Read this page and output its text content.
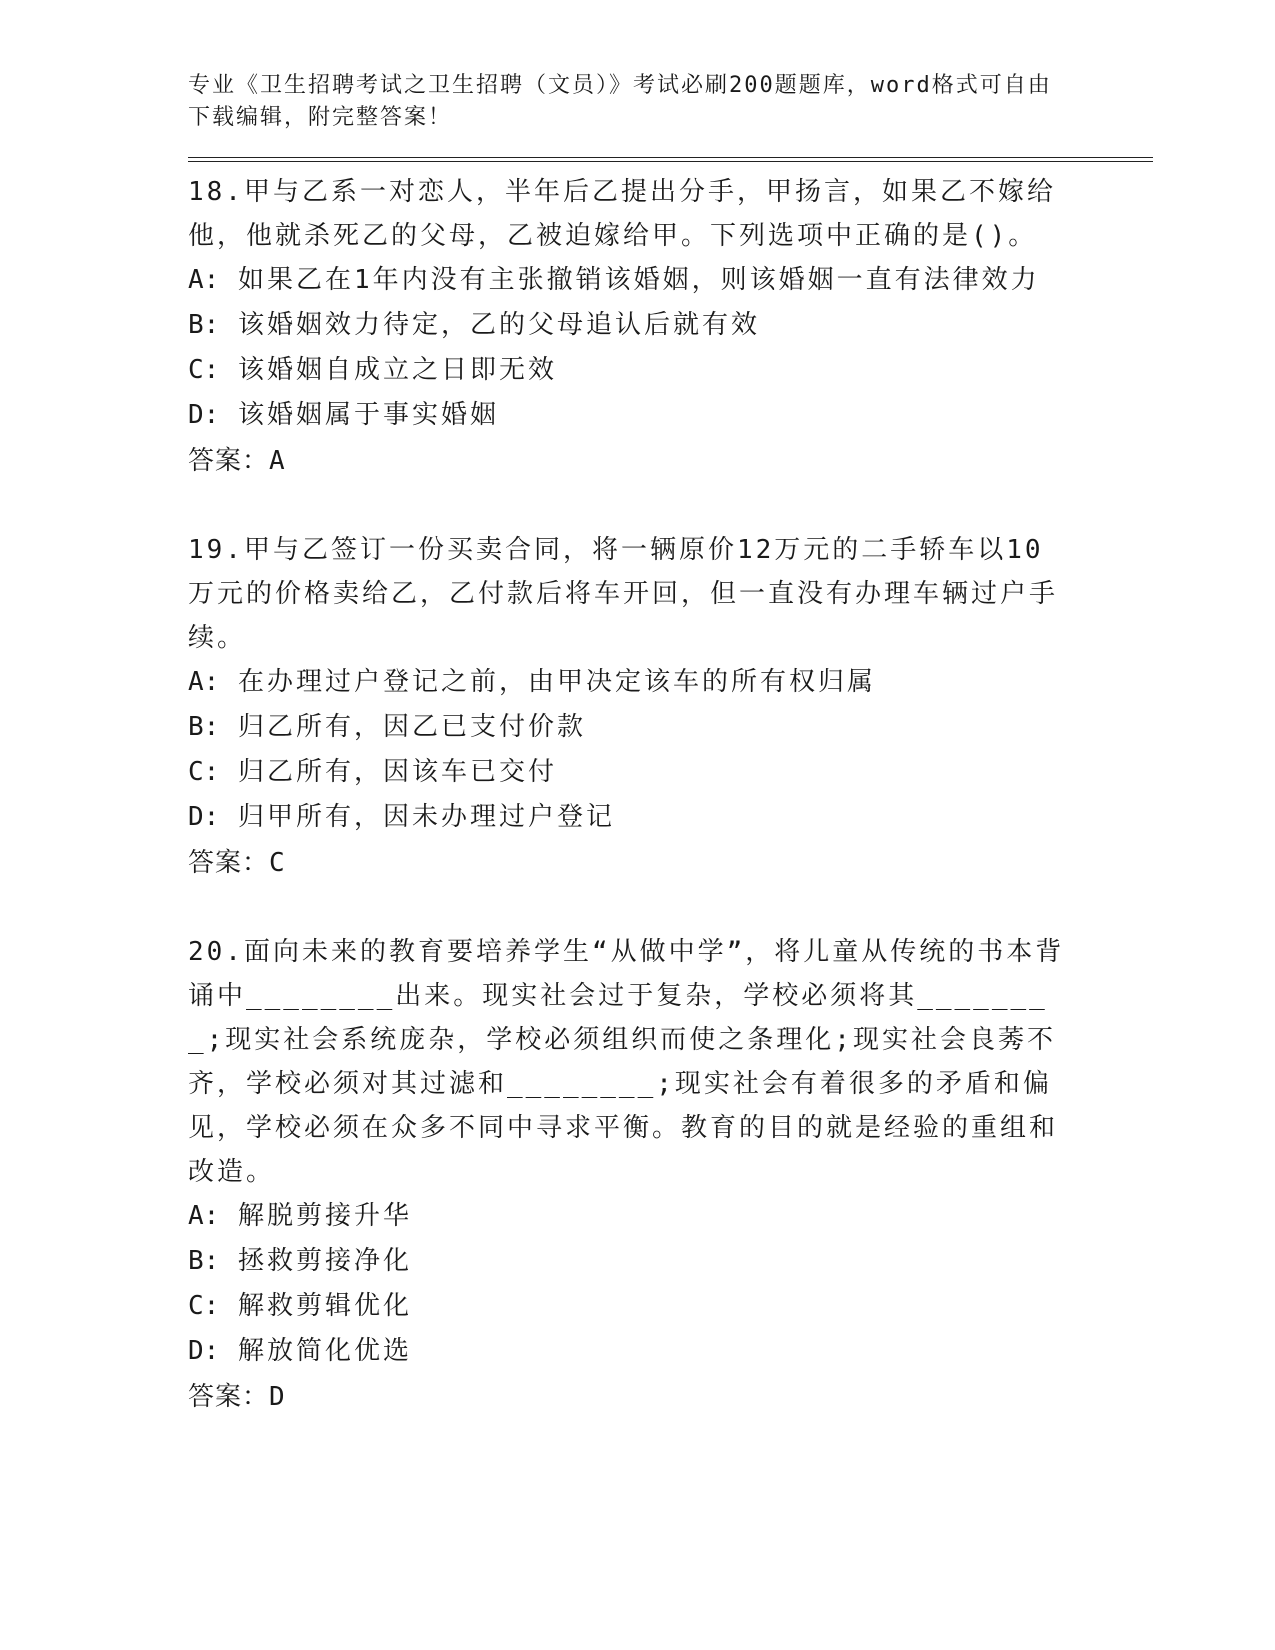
专业《卫生招聘考试之卫生招聘（文员）》考试必刷200题题库，word格式可自由下载编辑，附完整答案！

18.甲与乙系一对恋人，半年后乙提出分手，甲扬言，如果乙不嫁给他，他就杀死乙的父母，乙被迫嫁给甲。下列选项中正确的是()。

A: 如果乙在1年内没有主张撤销该婚姻，则该婚姻一直有法律效力

B: 该婚姻效力待定，乙的父母追认后就有效

C: 该婚姻自成立之日即无效

D: 该婚姻属于事实婚姻

答案：A

19.甲与乙签订一份买卖合同，将一辆原价12万元的二手轿车以10万元的价格卖给乙，乙付款后将车开回，但一直没有办理车辆过户手续。

A: 在办理过户登记之前，由甲决定该车的所有权归属

B: 归乙所有，因乙已支付价款

C: 归乙所有，因该车已交付

D: 归甲所有，因未办理过户登记

答案：C

20.面向未来的教育要培养学生“从做中学”，将儿童从传统的书本背诵中________出来。现实社会过于复杂，学校必须将其________;现实社会系统庞杂，学校必须组织而使之条理化;现实社会良莠不齐，学校必须对其过滤和________;现实社会有着很多的矛盾和偏见，学校必须在众多不同中寻求平衡。教育的目的就是经验的重组和改造。

A: 解脱剪接升华

B: 拯救剪接净化

C: 解救剪辑优化

D: 解放简化优选

答案：D
